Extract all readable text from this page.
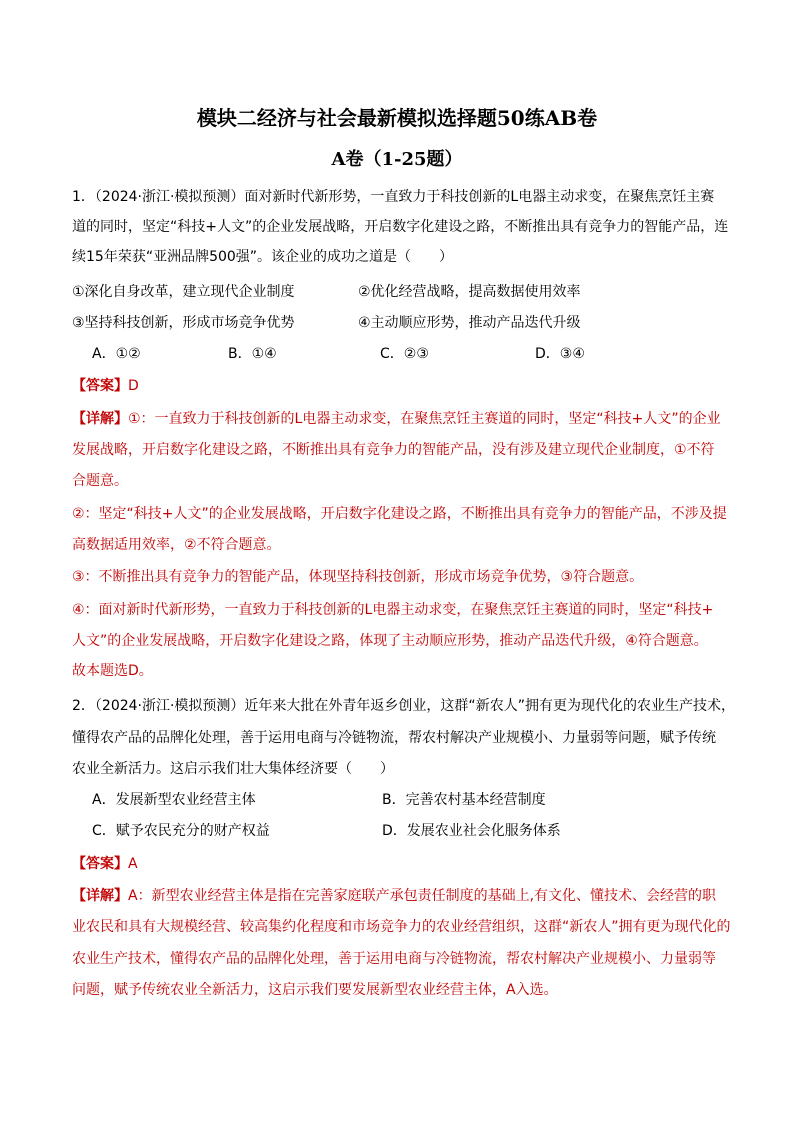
模块二经济与社会最新模拟选择题50练AB卷
A卷（1-25题）
1．（2024·浙江·模拟预测）面对新时代新形势，一直致力于科技创新的L电器主动求变，在聚焦烹饪主赛
道的同时，坚定“科技+人文”的企业发展战略，开启数字化建设之路，不断推出具有竞争力的智能产品，连
续15年荣获“亚洲品牌500强”。该企业的成功之道是（　　）
①深化自身改革，建立现代企业制度	②优化经营战略，提高数据使用效率
③坚持科技创新，形成市场竞争优势	④主动顺应形势，推动产品迭代升级
A．①②	B．①④	C．②③	D．③④
【答案】D
【详解】①：一直致力于科技创新的L电器主动求变，在聚焦烹饪主赛道的同时，坚定“科技+人文”的企业
发展战略，开启数字化建设之路，不断推出具有竞争力的智能产品，没有涉及建立现代企业制度，①不符
合题意。
②：坚定“科技+人文”的企业发展战略，开启数字化建设之路，不断推出具有竞争力的智能产品，不涉及提
高数据适用效率，②不符合题意。
③：不断推出具有竞争力的智能产品，体现坚持科技创新，形成市场竞争优势，③符合题意。
④：面对新时代新形势，一直致力于科技创新的L电器主动求变，在聚焦烹饪主赛道的同时，坚定“科技+
人文”的企业发展战略，开启数字化建设之路，体现了主动顺应形势，推动产品迭代升级，④符合题意。
故本题选D。
2．（2024·浙江·模拟预测）近年来大批在外青年返乡创业，这群“新农人”拥有更为现代化的农业生产技术，
懂得农产品的品牌化处理，善于运用电商与冷链物流，帮农村解决产业规模小、力量弱等问题，赋予传统
农业全新活力。这启示我们壮大集体经济要（　　）
A．发展新型农业经营主体	B．完善农村基本经营制度
C．赋予农民充分的财产权益	D．发展农业社会化服务体系
【答案】A
【详解】A：新型农业经营主体是指在完善家庭联产承包责任制度的基础上,有文化、懂技术、会经营的职
业农民和具有大规模经营、较高集约化程度和市场竞争力的农业经营组织，这群“新农人”拥有更为现代化的
农业生产技术，懂得农产品的品牌化处理，善于运用电商与冷链物流，帮农村解决产业规模小、力量弱等
问题，赋予传统农业全新活力，这启示我们要发展新型农业经营主体，A入选。
